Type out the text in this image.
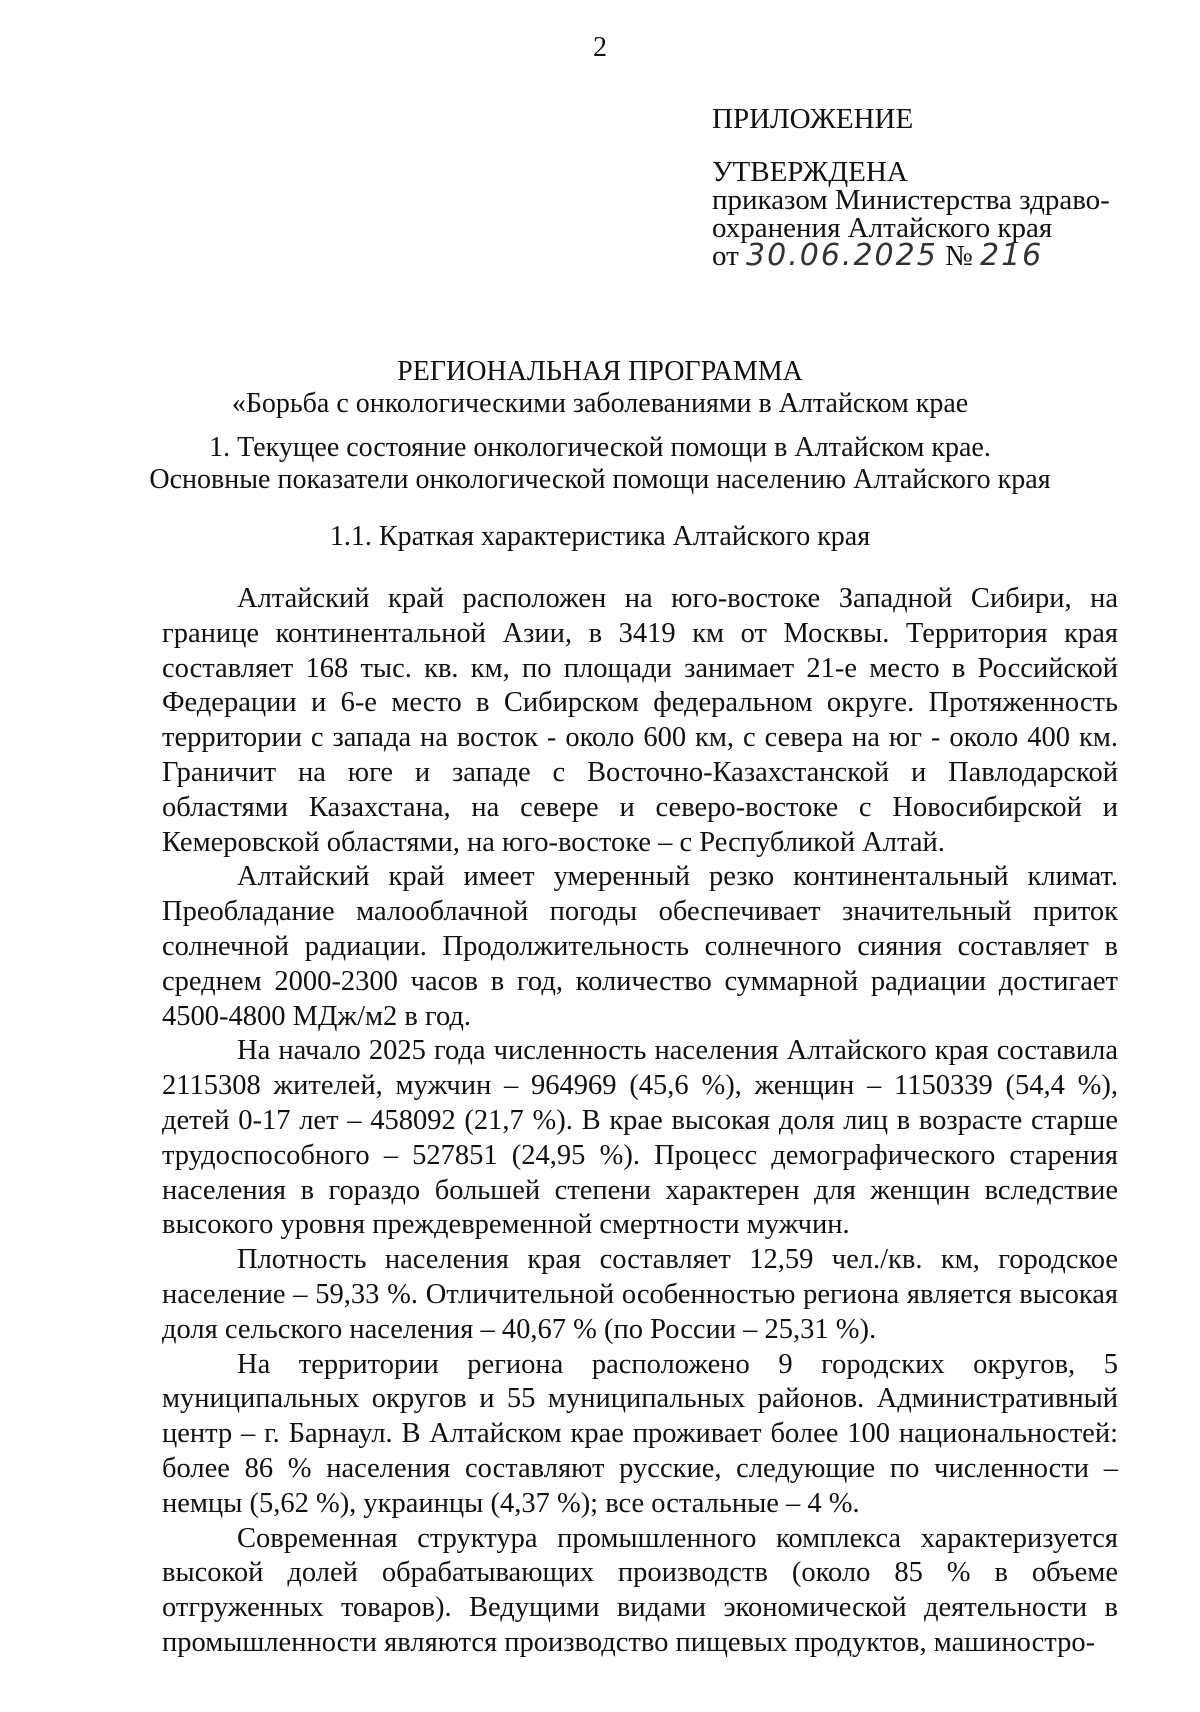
2
ПРИЛОЖЕНИЕ
УТВЕРЖДЕНА
приказом Министерства здраво-
охранения Алтайского края
от 30.06.2025 № 216
РЕГИОНАЛЬНАЯ ПРОГРАММА
«Борьба с онкологическими заболеваниями в Алтайском крае
1. Текущее состояние онкологической помощи в Алтайском крае.
Основные показатели онкологической помощи населению Алтайского края
1.1. Краткая характеристика Алтайского края

Алтайский край расположен на юго-востоке Западной Сибири, на границе континентальной Азии, в 3419 км от Москвы. Территория края составляет 168 тыс. кв. км, по площади занимает 21-е место в Российской Федерации и 6-е место в Сибирском федеральном округе. Протяженность территории с запада на восток - около 600 км, с севера на юг - около 400 км. Граничит на юге и западе с Восточно-Казахстанской и Павлодарской областями Казахстана, на севере и северо-востоке с Новосибирской и Кемеровской областями, на юго-востоке – с Республикой Алтай.

Алтайский край имеет умеренный резко континентальный климат. Преобладание малооблачной погоды обеспечивает значительный приток солнечной радиации. Продолжительность солнечного сияния составляет в среднем 2000-2300 часов в год, количество суммарной радиации достигает 4500-4800 МДж/м2 в год.

На начало 2025 года численность населения Алтайского края составила 2115308 жителей, мужчин – 964969 (45,6 %), женщин – 1150339 (54,4 %), детей 0-17 лет – 458092 (21,7 %). В крае высокая доля лиц в возрасте старше трудоспособного – 527851 (24,95 %). Процесс демографического старения населения в гораздо большей степени характерен для женщин вследствие высокого уровня преждевременной смертности мужчин.

Плотность населения края составляет 12,59 чел./кв. км, городское население – 59,33 %. Отличительной особенностью региона является высокая доля сельского населения – 40,67 % (по России – 25,31 %).

На территории региона расположено 9 городских округов, 5 муниципальных округов и 55 муниципальных районов. Административный центр – г. Барнаул. В Алтайском крае проживает более 100 национальностей: более 86 % населения составляют русские, следующие по численности – немцы (5,62 %), украинцы (4,37 %); все остальные – 4 %.

Современная структура промышленного комплекса характеризуется высокой долей обрабатывающих производств (около 85 % в объеме отгруженных товаров). Ведущими видами экономической деятельности в промышленности являются производство пищевых продуктов, машиностро-
